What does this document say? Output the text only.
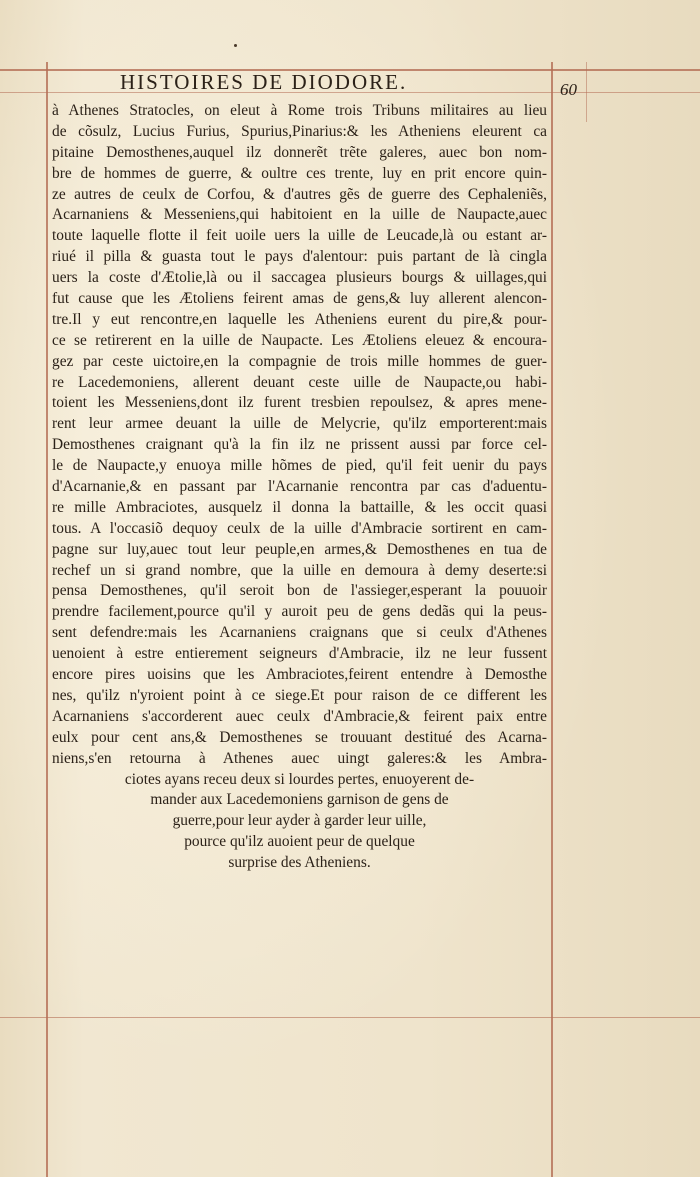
HISTOIRES DE DIODORE.	60
à Athenes Stratocles, on eleut à Rome trois Tribuns militaires au lieu
de cõsulz, Lucius Furius, Spurius,Pinarius:& les Atheniens eleurent ca
pitaine Demosthenes,auquel ilz donnerẽt trẽte galeres, auec bon nom-
bre de hommes de guerre, & oultre ces trente, luy en prit encore quin-
ze autres de ceulx de Corfou, & d'autres gẽs de guerre des Cephaleniẽs,
Acarnaniens & Messeniens,qui habitoient en la uille de Naupacte,auec
toute laquelle flotte il feit uoile uers la uille de Leucade,là ou estant ar-
riué il pilla & guasta tout le pays d'alentour: puis partant de là cingla
uers la coste d'Ætolie,là ou il saccagea plusieurs bourgs & uillages,qui
fut cause que les Ætoliens feirent amas de gens,& luy allerent alencon-
tre.Il y eut rencontre,en laquelle les Atheniens eurent du pire,& pour-
ce se retirerent en la uille de Naupacte. Les Ætoliens eleuez & encoura-
gez par ceste uictoire,en la compagnie de trois mille hommes de guer-
re Lacedemoniens, allerent deuant ceste uille de Naupacte,ou habi-
toient les Messeniens,dont ilz furent tresbien repoulsez, & apres mene-
rent leur armee deuant la uille de Melycrie, qu'ilz emporterent:mais
Demosthenes craignant qu'à la fin ilz ne prissent aussi par force cel-
le de Naupacte,y enuoya mille hõmes de pied, qu'il feit uenir du pays
d'Acarnanie,& en passant par l'Acarnanie rencontra par cas d'aduentu-
re mille Ambraciotes, ausquelz il donna la battaille, & les occit quasi
tous. A l'occasiõ dequoy ceulx de la uille d'Ambracie sortirent en cam-
pagne sur luy,auec tout leur peuple,en armes,& Demosthenes en tua de
rechef un si grand nombre, que la uille en demoura à demy deserte:si
pensa Demosthenes, qu'il seroit bon de l'assieger,esperant la pouuoir
prendre facilement,pource qu'il y auroit peu de gens dedãs qui la peus-
sent defendre:mais les Acarnaniens craignans que si ceulx d'Athenes
uenoient à estre entierement seigneurs d'Ambracie, ilz ne leur fussent
encore pires uoisins que les Ambraciotes,feirent entendre à Demosthe
nes, qu'ilz n'yroient point à ce siege.Et pour raison de ce different les
Acarnaniens s'accorderent auec ceulx d'Ambracie,& feirent paix entre
eulx pour cent ans,& Demosthenes se trouuant destitué des Acarna-
niens,s'en retourna à Athenes auec uingt galeres:& les Ambra-
ciotes ayans receu deux si lourdes pertes, enuoyerent de-
mander aux Lacedemoniens garnison de gens de
guerre,pour leur ayder à garder leur uille,
pource qu'ilz auoient peur de quelque
surprise des Atheniens.
